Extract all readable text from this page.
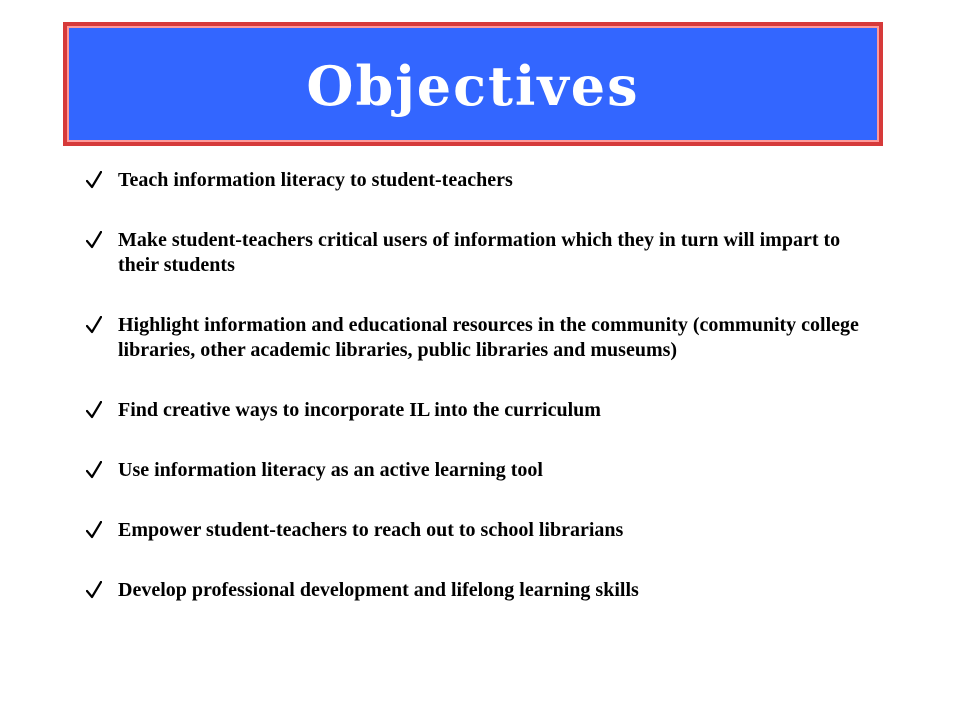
Objectives
Teach information literacy to student-teachers
Make student-teachers critical users of information which they in turn will impart to their students
Highlight information and educational resources in the community (community college libraries, other academic libraries, public libraries and museums)
Find creative ways to incorporate IL into the curriculum
Use information literacy as an active learning tool
Empower student-teachers to reach out to school librarians
Develop professional development and lifelong learning skills
